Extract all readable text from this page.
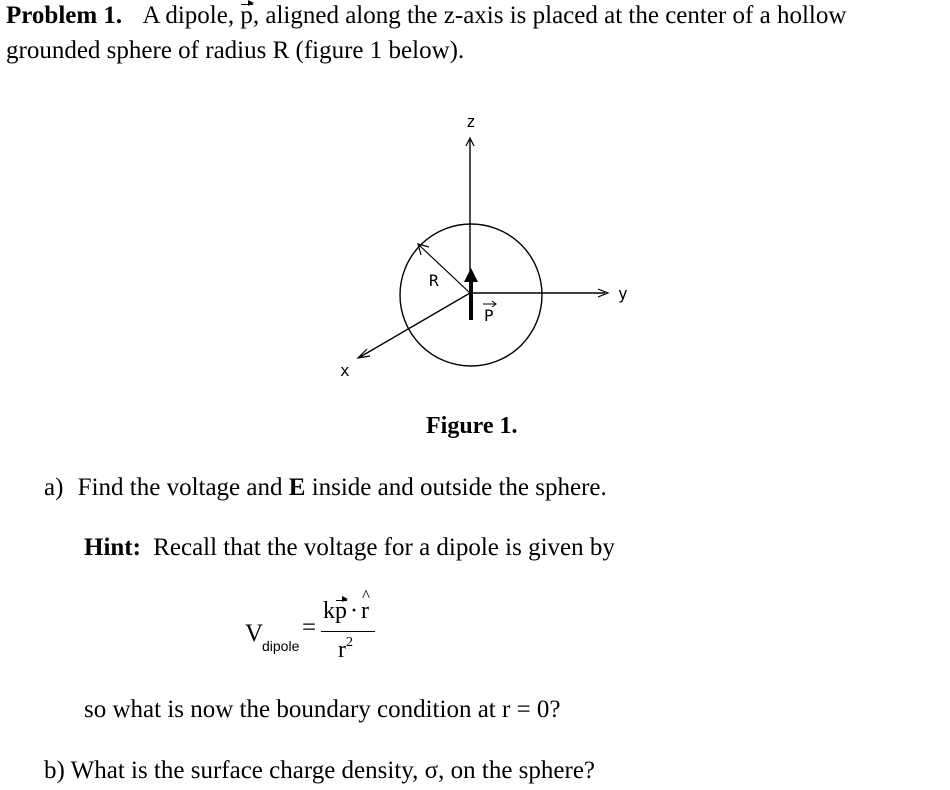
Problem 1. A dipole, p, aligned along the z-axis is placed at the center of a hollow
grounded sphere of radius R (figure 1 below).
z
y
x
R
P
Figure 1.
a) Find the voltage and E inside and outside the sphere.
Hint: Recall that the voltage for a dipole is given by
V
dipole
=
kp ·^ r
$r^2$
so what is now the boundary condition at r = 0?
b) What is the surface charge density, σ, on the sphere?
